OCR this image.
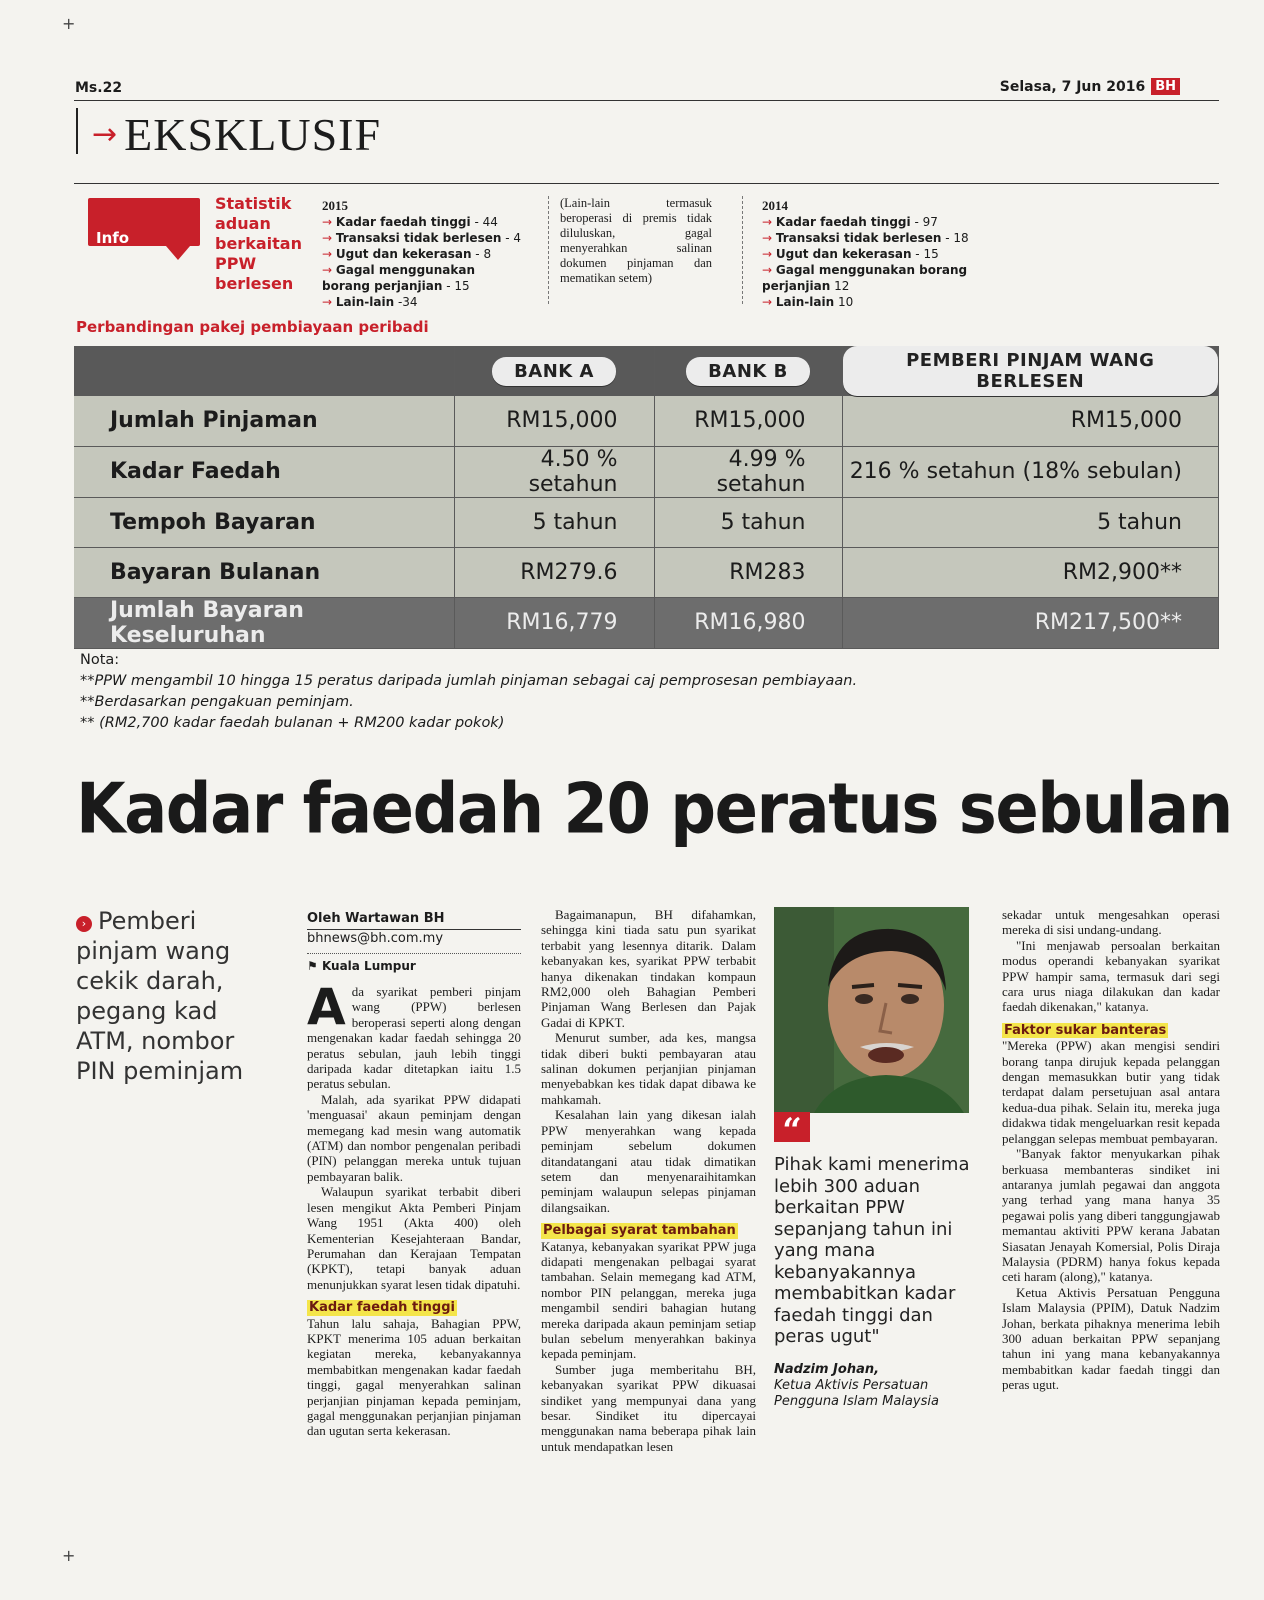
+
+
Ms.22	Selasa, 7 Jun 2016 BH
→ EKSKLUSIF
Info
Statistik aduan berkaitan PPW berlesen
2015
→ Kadar faedah tinggi - 44
→ Transaksi tidak berlesen - 4
→ Ugut dan kekerasan - 8
→ Gagal menggunakan borang perjanjian - 15
→ Lain-lain -34
(Lain-lain termasuk beroperasi di premis tidak diluluskan, gagal menyerahkan salinan dokumen pinjaman dan mematikan setem)
2014
→ Kadar faedah tinggi - 97
→ Transaksi tidak berlesen - 18
→ Ugut dan kekerasan - 15
→ Gagal menggunakan borang perjanjian 12
→ Lain-lain 10
Perbandingan pakej pembiayaan peribadi
	BANK A	BANK B	PEMBERI PINJAM WANG BERLESEN
Jumlah Pinjaman	RM15,000	RM15,000	RM15,000
Kadar Faedah	4.50 % setahun	4.99 % setahun	216 % setahun (18% sebulan)
Tempoh Bayaran	5 tahun	5 tahun	5 tahun
Bayaran Bulanan	RM279.6	RM283	RM2,900**
Jumlah Bayaran Keseluruhan	RM16,779	RM16,980	RM217,500**
Nota:
**PPW mengambil 10 hingga 15 peratus daripada jumlah pinjaman sebagai caj pemprosesan pembiayaan.
**Berdasarkan pengakuan peminjam.
** (RM2,700 kadar faedah bulanan + RM200 kadar pokok)
Kadar faedah 20 peratus sebulan
› Pemberi pinjam wang cekik darah, pegang kad ATM, nombor PIN peminjam
Oleh Wartawan BH
bhnews@bh.com.my
⚑ Kuala Lumpur

Ada syarikat pemberi pinjam wang (PPW) berlesen beroperasi seperti along dengan mengenakan kadar faedah sehingga 20 peratus sebulan, jauh lebih tinggi daripada kadar ditetapkan iaitu 1.5 peratus sebulan.

Malah, ada syarikat PPW didapati 'menguasai' akaun peminjam dengan memegang kad mesin wang automatik (ATM) dan nombor pengenalan peribadi (PIN) pelanggan mereka untuk tujuan pembayaran balik.

Walaupun syarikat terbabit diberi lesen mengikut Akta Pemberi Pinjam Wang 1951 (Akta 400) oleh Kementerian Kesejahteraan Bandar, Perumahan dan Kerajaan Tempatan (KPKT), tetapi banyak aduan menunjukkan syarat lesen tidak dipatuhi.

Kadar faedah tinggi

Tahun lalu sahaja, Bahagian PPW, KPKT menerima 105 aduan berkaitan kegiatan mereka, kebanyakannya membabitkan mengenakan kadar faedah tinggi, gagal menyerahkan salinan perjanjian pinjaman kepada peminjam, gagal menggunakan perjanjian pinjaman dan ugutan serta kekerasan.

Bagaimanapun, BH difahamkan, sehingga kini tiada satu pun syarikat terbabit yang lesennya ditarik. Dalam kebanyakan kes, syarikat PPW terbabit hanya dikenakan tindakan kompaun RM2,000 oleh Bahagian Pemberi Pinjaman Wang Berlesen dan Pajak Gadai di KPKT.

Menurut sumber, ada kes, mangsa tidak diberi bukti pembayaran atau salinan dokumen perjanjian pinjaman menyebabkan kes tidak dapat dibawa ke mahkamah.

Kesalahan lain yang dikesan ialah PPW menyerahkan wang kepada peminjam sebelum dokumen ditandatangani atau tidak dimatikan setem dan menyenaraihitamkan peminjam walaupun selepas pinjaman dilangsaikan.

Pelbagai syarat tambahan

Katanya, kebanyakan syarikat PPW juga didapati mengenakan pelbagai syarat tambahan. Selain memegang kad ATM, nombor PIN pelanggan, mereka juga mengambil sendiri bahagian hutang mereka daripada akaun peminjam setiap bulan sebelum menyerahkan bakinya kepada peminjam.

Sumber juga memberitahu BH, kebanyakan syarikat PPW dikuasai sindiket yang mempunyai dana yang besar. Sindiket itu dipercayai menggunakan nama beberapa pihak lain untuk mendapatkan lesen

“
Pihak kami menerima lebih 300 aduan berkaitan PPW sepanjang tahun ini yang mana kebanyakannya membabitkan kadar faedah tinggi dan peras ugut"
Nadzim Johan,
Ketua Aktivis Persatuan Pengguna Islam Malaysia

sekadar untuk mengesahkan operasi mereka di sisi undang-undang.

"Ini menjawab persoalan berkaitan modus operandi kebanyakan syarikat PPW hampir sama, termasuk dari segi cara urus niaga dilakukan dan kadar faedah dikenakan," katanya.

Faktor sukar banteras

"Mereka (PPW) akan mengisi sendiri borang tanpa dirujuk kepada pelanggan dengan memasukkan butir yang tidak terdapat dalam persetujuan asal antara kedua-dua pihak. Selain itu, mereka juga didakwa tidak mengeluarkan resit kepada pelanggan selepas membuat pembayaran.

"Banyak faktor menyukarkan pihak berkuasa membanteras sindiket ini antaranya jumlah pegawai dan anggota yang terhad yang mana hanya 35 pegawai polis yang diberi tanggungjawab memantau aktiviti PPW kerana Jabatan Siasatan Jenayah Komersial, Polis Diraja Malaysia (PDRM) hanya fokus kepada ceti haram (along)," katanya.

Ketua Aktivis Persatuan Pengguna Islam Malaysia (PPIM), Datuk Nadzim Johan, berkata pihaknya menerima lebih 300 aduan berkaitan PPW sepanjang tahun ini yang mana kebanyakannya membabitkan kadar faedah tinggi dan peras ugut.
